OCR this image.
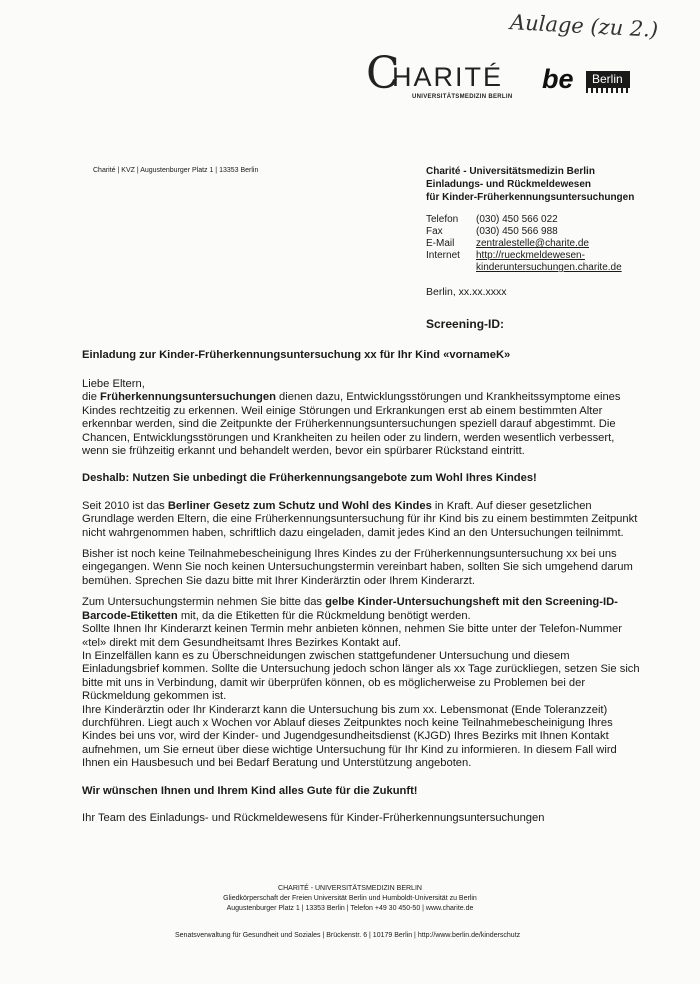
Aulage (zu 2.)
C
HARITÉ
UNIVERSITÄTSMEDIZIN BERLIN
be Berlin
Charité | KVZ | Augustenburger Platz 1 | 13353 Berlin	Charité - Universitätsmedizin Berlin
Einladungs- und Rückmeldewesen
für Kinder-Früherkennungsuntersuchungen
Telefon	(030) 450 566 022
Fax	(030) 450 566 988
E-Mail	zentralestelle@charite.de
Internet	http://rueckmeldewesen-
	kinderuntersuchungen.charite.de
Berlin, xx.xx.xxxx
Screening-ID:
Einladung zur Kinder-Früherkennungsuntersuchung xx für Ihr Kind «vornameK»

Liebe Eltern,

die Früherkennungsuntersuchungen dienen dazu, Entwicklungsstörungen und Krankheitssymptome eines Kindes rechtzeitig zu erkennen. Weil einige Störungen und Erkrankungen erst ab einem bestimmten Alter erkennbar werden, sind die Zeitpunkte der Früherkennungsuntersuchungen speziell darauf abgestimmt. Die Chancen, Entwicklungsstörungen und Krankheiten zu heilen oder zu lindern, werden wesentlich verbessert, wenn sie frühzeitig erkannt und behandelt werden, bevor ein spürbarer Rückstand eintritt.

Deshalb: Nutzen Sie unbedingt die Früherkennungsangebote zum Wohl Ihres Kindes!

Seit 2010 ist das Berliner Gesetz zum Schutz und Wohl des Kindes in Kraft. Auf dieser gesetzlichen Grundlage werden Eltern, die eine Früherkennungsuntersuchung für ihr Kind bis zu einem bestimmten Zeitpunkt nicht wahrgenommen haben, schriftlich dazu eingeladen, damit jedes Kind an den Untersuchungen teilnimmt.

Bisher ist noch keine Teilnahmebescheinigung Ihres Kindes zu der Früherkennungsuntersuchung xx bei uns eingegangen. Wenn Sie noch keinen Untersuchungstermin vereinbart haben, sollten Sie sich umgehend darum bemühen. Sprechen Sie dazu bitte mit Ihrer Kinderärztin oder Ihrem Kinderarzt.

Zum Untersuchungstermin nehmen Sie bitte das gelbe Kinder-Untersuchungsheft mit den Screening-ID-Barcode-Etiketten mit, da die Etiketten für die Rückmeldung benötigt werden.

Sollte Ihnen Ihr Kinderarzt keinen Termin mehr anbieten können, nehmen Sie bitte unter der Telefon-Nummer «tel» direkt mit dem Gesundheitsamt Ihres Bezirkes Kontakt auf.

In Einzelfällen kann es zu Überschneidungen zwischen stattgefundener Untersuchung und diesem Einladungsbrief kommen. Sollte die Untersuchung jedoch schon länger als xx Tage zurückliegen, setzen Sie sich bitte mit uns in Verbindung, damit wir überprüfen können, ob es möglicherweise zu Problemen bei der Rückmeldung gekommen ist.

Ihre Kinderärztin oder Ihr Kinderarzt kann die Untersuchung bis zum xx. Lebensmonat (Ende Toleranzzeit) durchführen. Liegt auch x Wochen vor Ablauf dieses Zeitpunktes noch keine Teilnahmebescheinigung Ihres Kindes bei uns vor, wird der Kinder- und Jugendgesundheitsdienst (KJGD) Ihres Bezirks mit Ihnen Kontakt aufnehmen, um Sie erneut über diese wichtige Untersuchung für Ihr Kind zu informieren. In diesem Fall wird Ihnen ein Hausbesuch und bei Bedarf Beratung und Unterstützung angeboten.

Wir wünschen Ihnen und Ihrem Kind alles Gute für die Zukunft!

Ihr Team des Einladungs- und Rückmeldewesens für Kinder-Früherkennungsuntersuchungen

CHARITÉ - UNIVERSITÄTSMEDIZIN BERLIN
Gliedkörperschaft der Freien Universität Berlin und Humboldt-Universität zu Berlin
Augustenburger Platz 1 | 13353 Berlin | Telefon +49 30 450-50 | www.charite.de
Senatsverwaltung für Gesundheit und Soziales | Brückenstr. 6 | 10179 Berlin | http://www.berlin.de/kinderschutz
